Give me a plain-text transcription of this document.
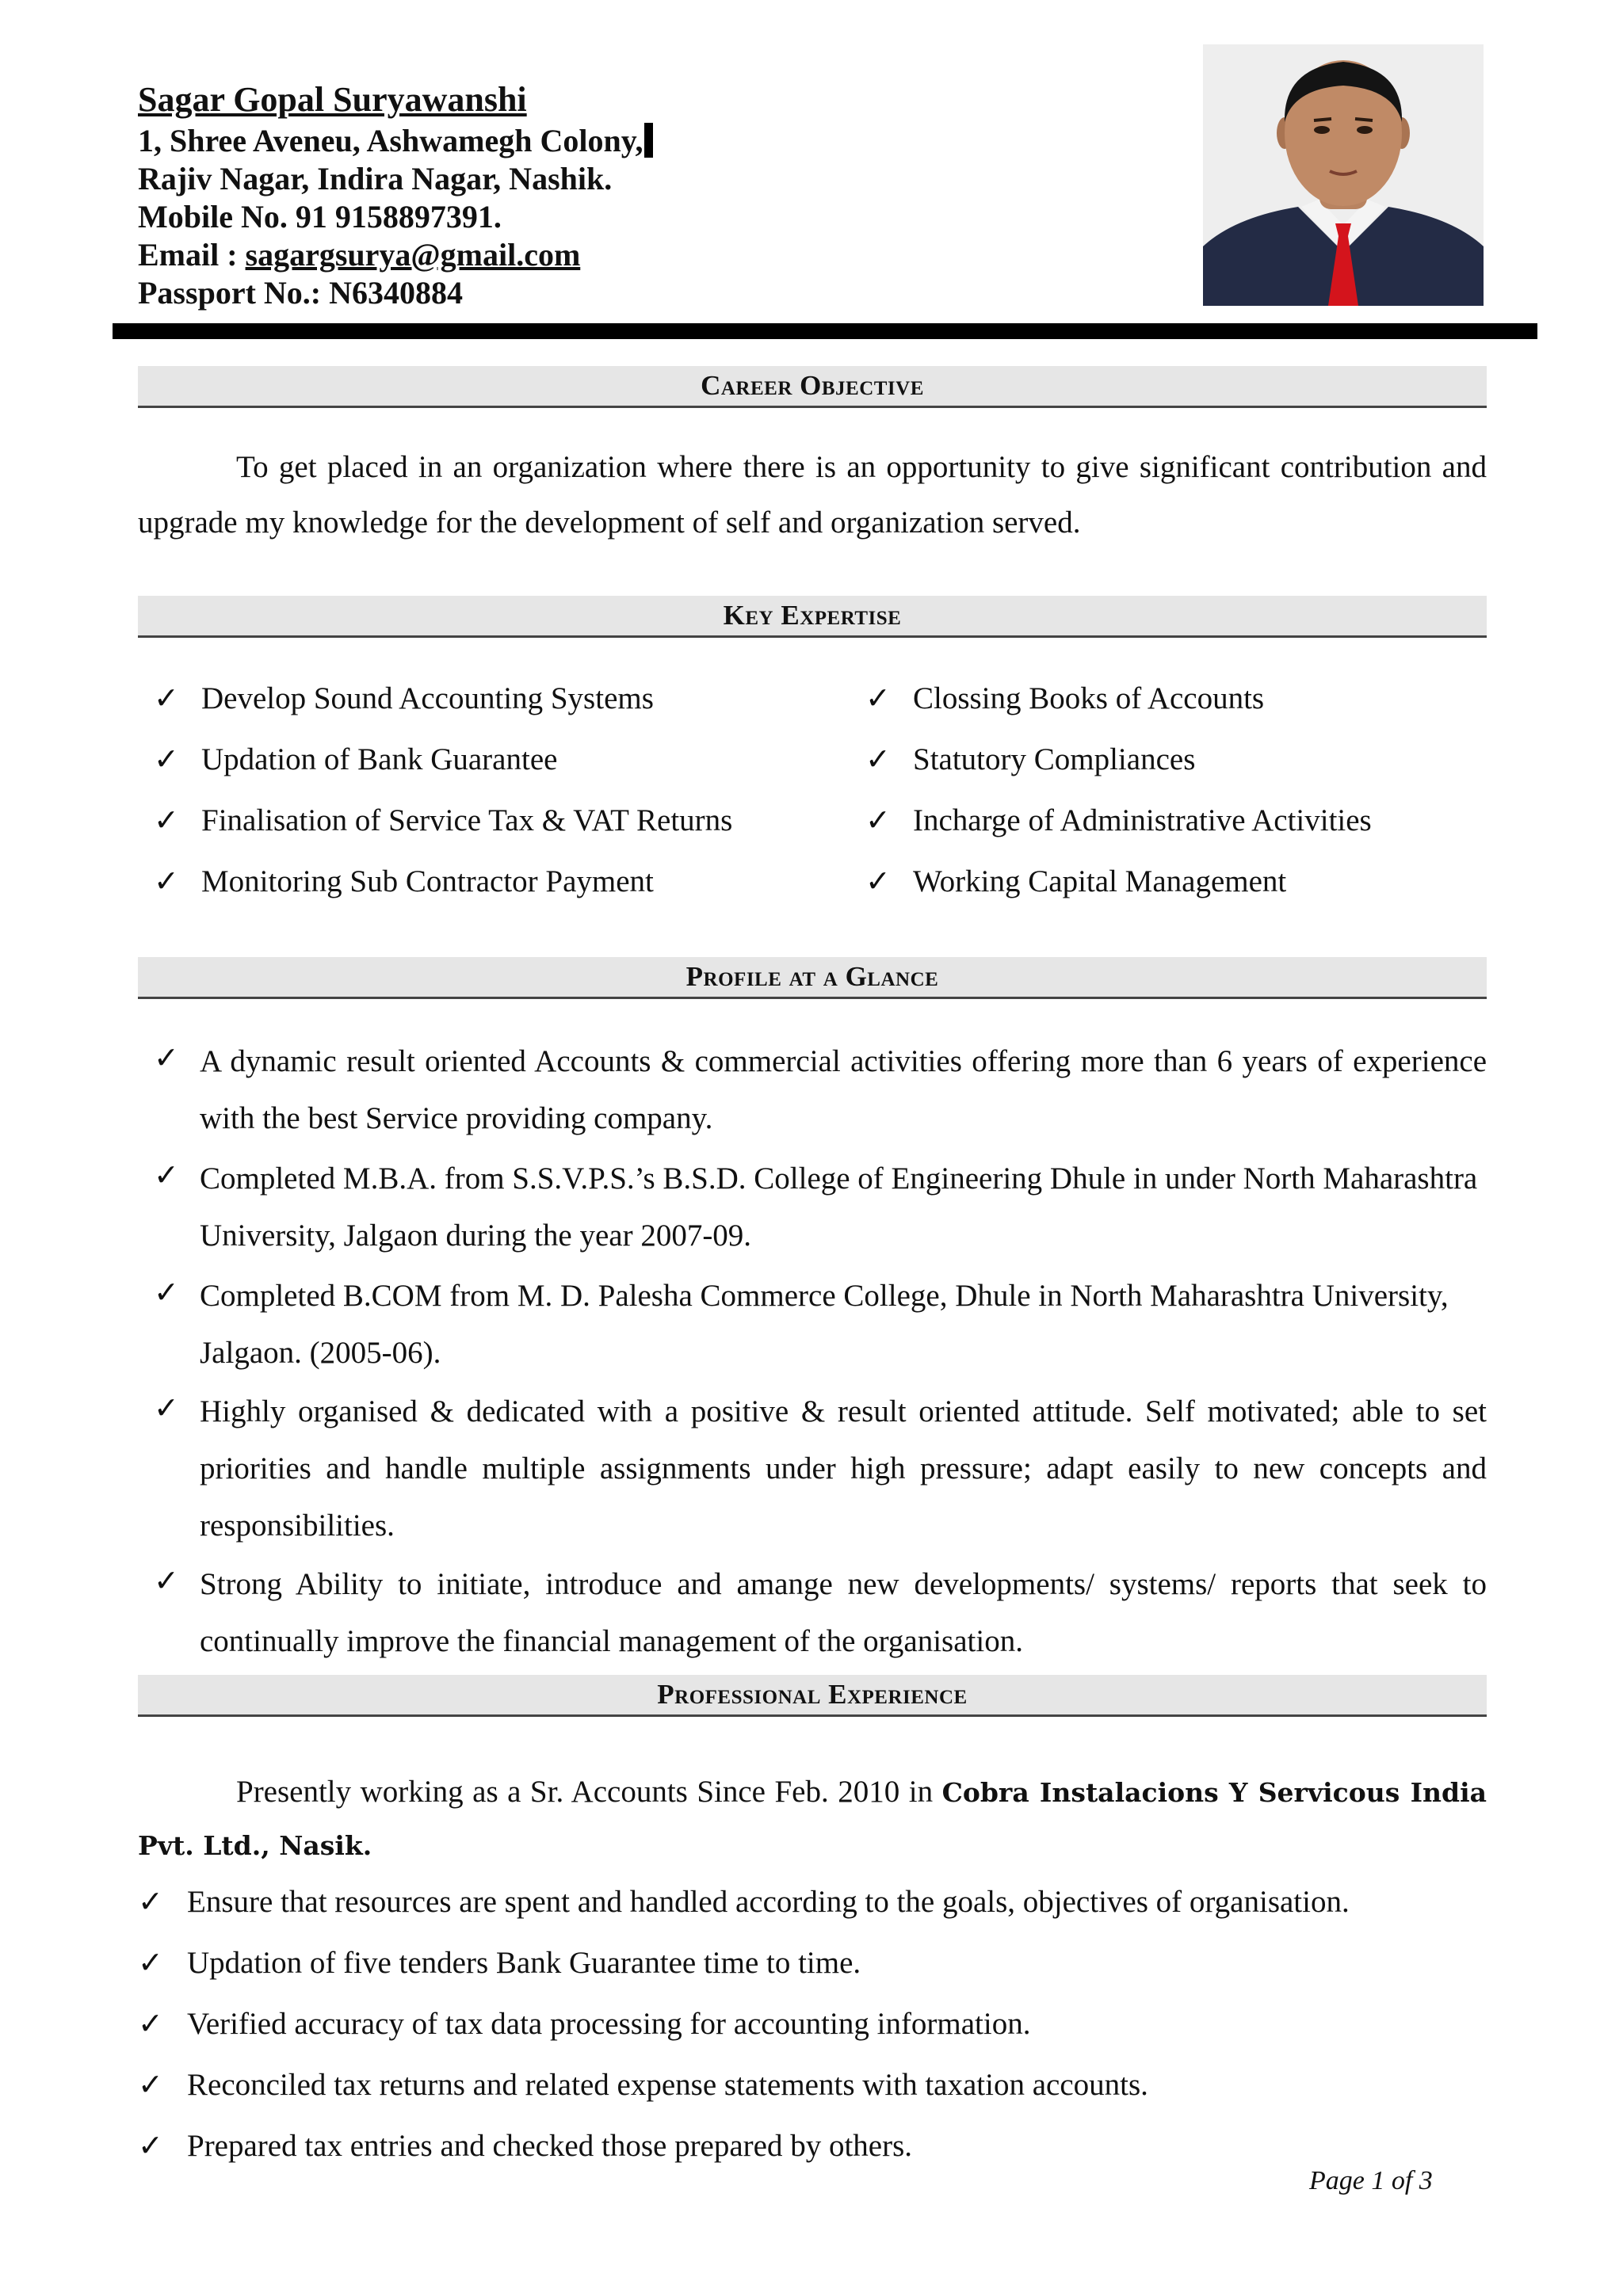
Sagar Gopal Suryawanshi
1, Shree Aveneu, Ashwamegh Colony,
Rajiv Nagar, Indira Nagar, Nashik.
Mobile No. 91 9158897391.
Email : sagargsurya@gmail.com
Passport No.: N6340884
Career Objective
To get placed in an organization where there is an opportunity to give significant contribution and upgrade my knowledge for the development of self and organization served.
Key Expertise
✓ Develop Sound Accounting Systems	✓ Clossing Books of Accounts
✓ Updation of Bank Guarantee	✓ Statutory Compliances
✓ Finalisation of Service Tax & VAT Returns	✓ Incharge of Administrative Activities
✓ Monitoring Sub Contractor Payment	✓ Working Capital Management
Profile at a Glance
✓ A dynamic result oriented Accounts & commercial activities offering more than 6 years of experience with the best Service providing company.
✓ Completed M.B.A. from S.S.V.P.S.’s B.S.D. College of Engineering Dhule in under North Maharashtra University, Jalgaon during the year 2007-09.
✓ Completed B.COM from M. D. Palesha Commerce College, Dhule in North Maharashtra University, Jalgaon. (2005-06).
✓ Highly organised & dedicated with a positive & result oriented attitude. Self motivated; able to set priorities and handle multiple assignments under high pressure; adapt easily to new concepts and responsibilities.
✓ Strong Ability to initiate, introduce and amange new developments/ systems/ reports that seek to continually improve the financial management of the organisation.
Professional Experience
Presently working as a Sr. Accounts Since Feb. 2010 in Cobra Instalacions Y Servicous India Pvt. Ltd., Nasik.
✓ Ensure that resources are spent and handled according to the goals, objectives of organisation.
✓ Updation of five tenders Bank Guarantee time to time.
✓ Verified accuracy of tax data processing for accounting information.
✓ Reconciled tax returns and related expense statements with taxation accounts.
✓ Prepared tax entries and checked those prepared by others.
Page 1 of 3
